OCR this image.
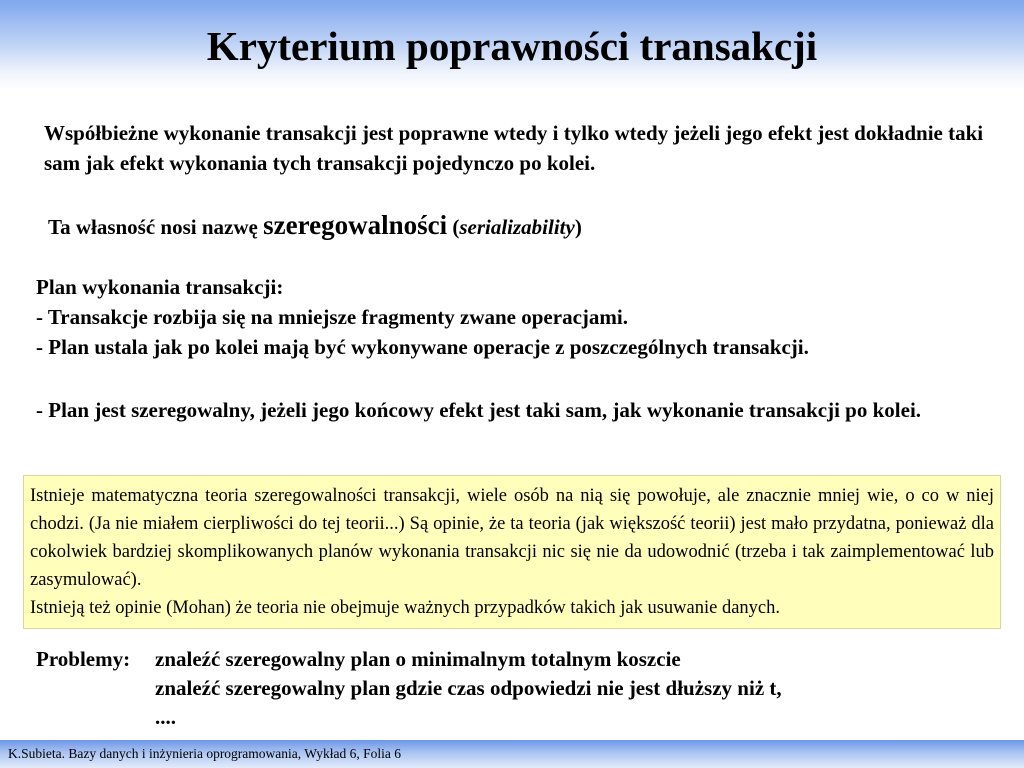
Kryterium poprawności transakcji

Współbieżne wykonanie transakcji jest poprawne wtedy i tylko wtedy jeżeli jego efekt jest dokładnie taki sam jak efekt wykonania tych transakcji pojedynczo po kolei.

Ta własność nosi nazwę szeregowalności (serializability)

Plan wykonania transakcji:
- Transakcje rozbija się na mniejsze fragmenty zwane operacjami.
- Plan ustala jak po kolei mają być wykonywane operacje z poszczególnych transakcji.

- Plan jest szeregowalny, jeżeli jego końcowy efekt jest taki sam, jak wykonanie transakcji po kolei.

Istnieje matematyczna teoria szeregowalności transakcji, wiele osób na nią się powołuje, ale znacznie mniej wie, o co w niej chodzi. (Ja nie miałem cierpliwości do tej teorii...) Są opinie, że ta teoria (jak większość teorii) jest mało przydatna, ponieważ dla cokolwiek bardziej skomplikowanych planów wykonania transakcji nic się nie da udowodnić (trzeba i tak zaimplementować lub zasymulować).
Istnieją też opinie (Mohan) że teoria nie obejmuje ważnych przypadków takich jak usuwanie danych.
Problemy:	znaleźć szeregowalny plan o minimalnym totalnym koszcie
znaleźć szeregowalny plan gdzie czas odpowiedzi nie jest dłuższy niż t,
....
K.Subieta. Bazy danych i inżynieria oprogramowania, Wykład 6, Folia 6
